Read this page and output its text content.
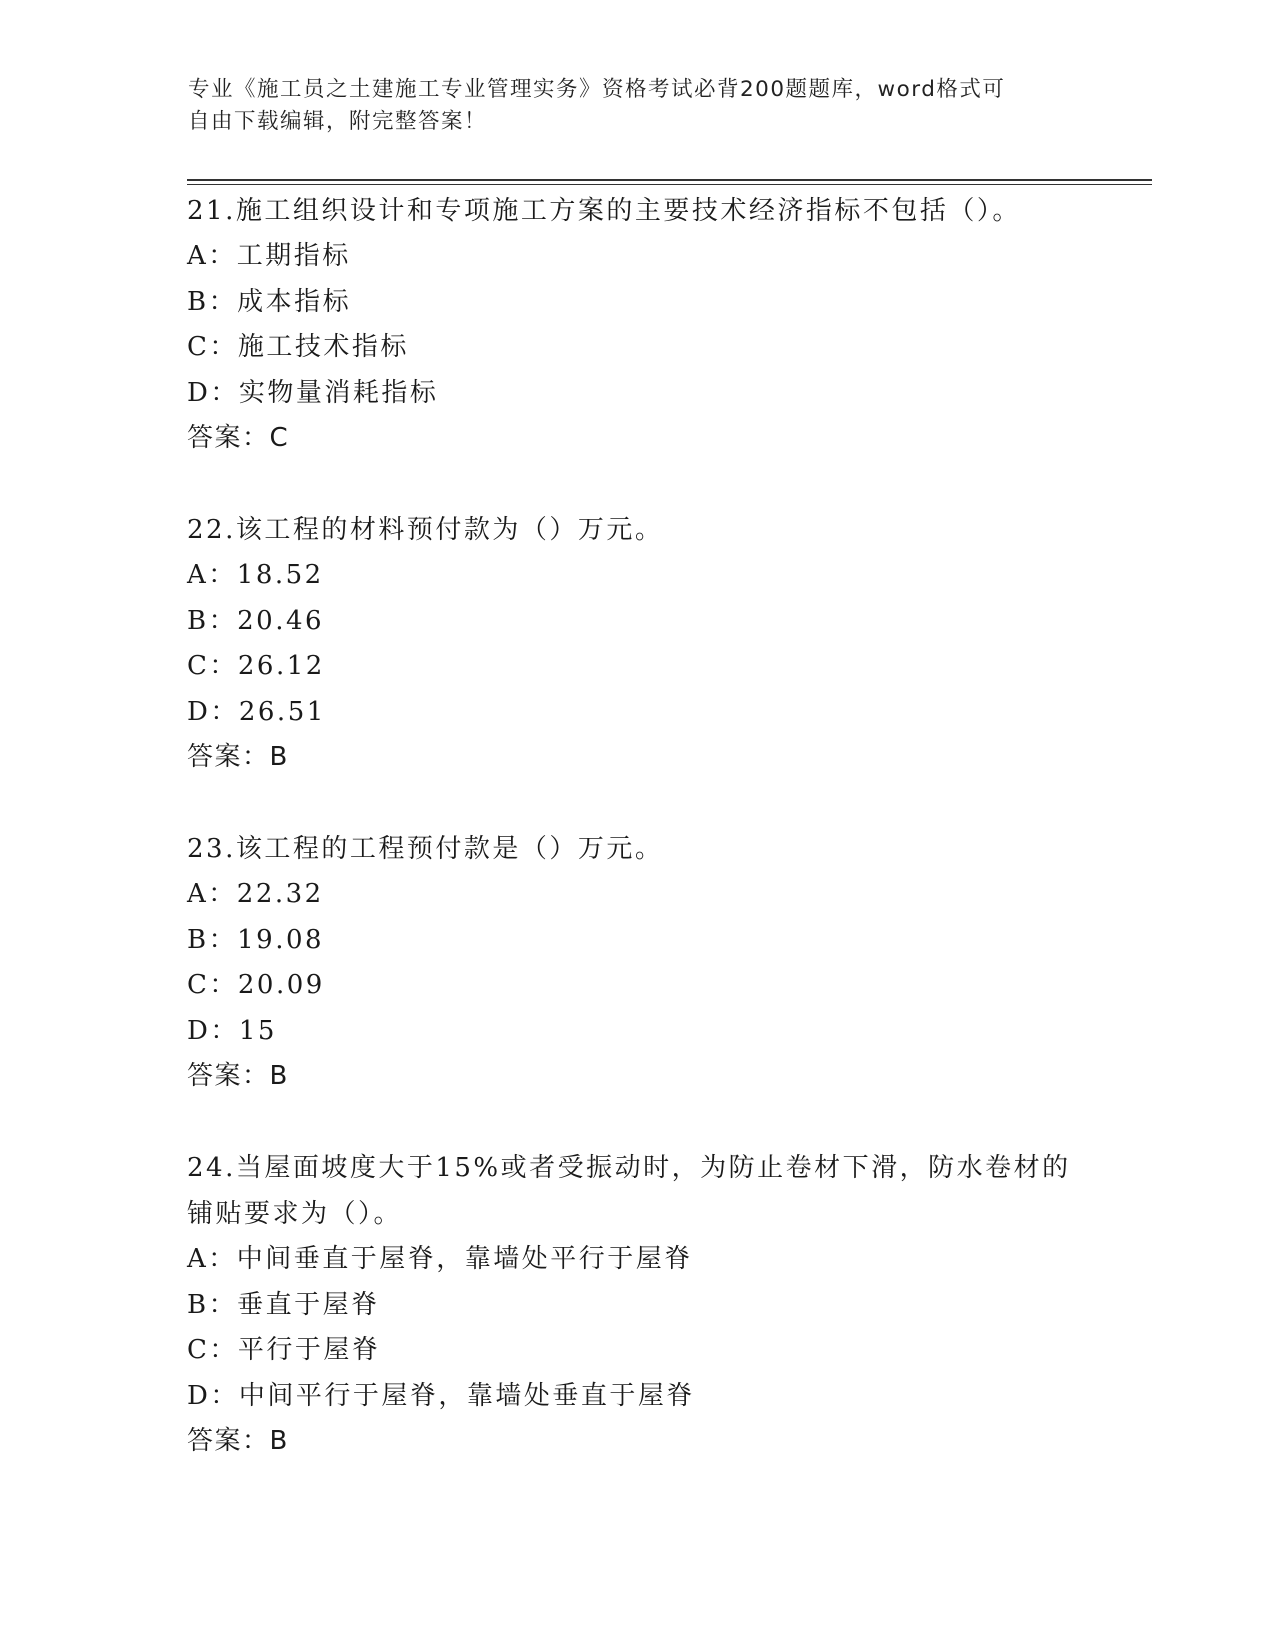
专业《施工员之土建施工专业管理实务》资格考试必背200题题库，word格式可
自由下载编辑，附完整答案！

21.施工组织设计和专项施工方案的主要技术经济指标不包括（）。

A：工期指标

B：成本指标

C：施工技术指标

D：实物量消耗指标

答案：C

22.该工程的材料预付款为（）万元。

A：18.52

B：20.46

C：26.12

D：26.51

答案：B

23.该工程的工程预付款是（）万元。

A：22.32

B：19.08

C：20.09

D：15

答案：B

24.当屋面坡度大于15%或者受振动时，为防止卷材下滑，防水卷材的

铺贴要求为（）。

A：中间垂直于屋脊，靠墙处平行于屋脊

B：垂直于屋脊

C：平行于屋脊

D：中间平行于屋脊，靠墙处垂直于屋脊

答案：B
